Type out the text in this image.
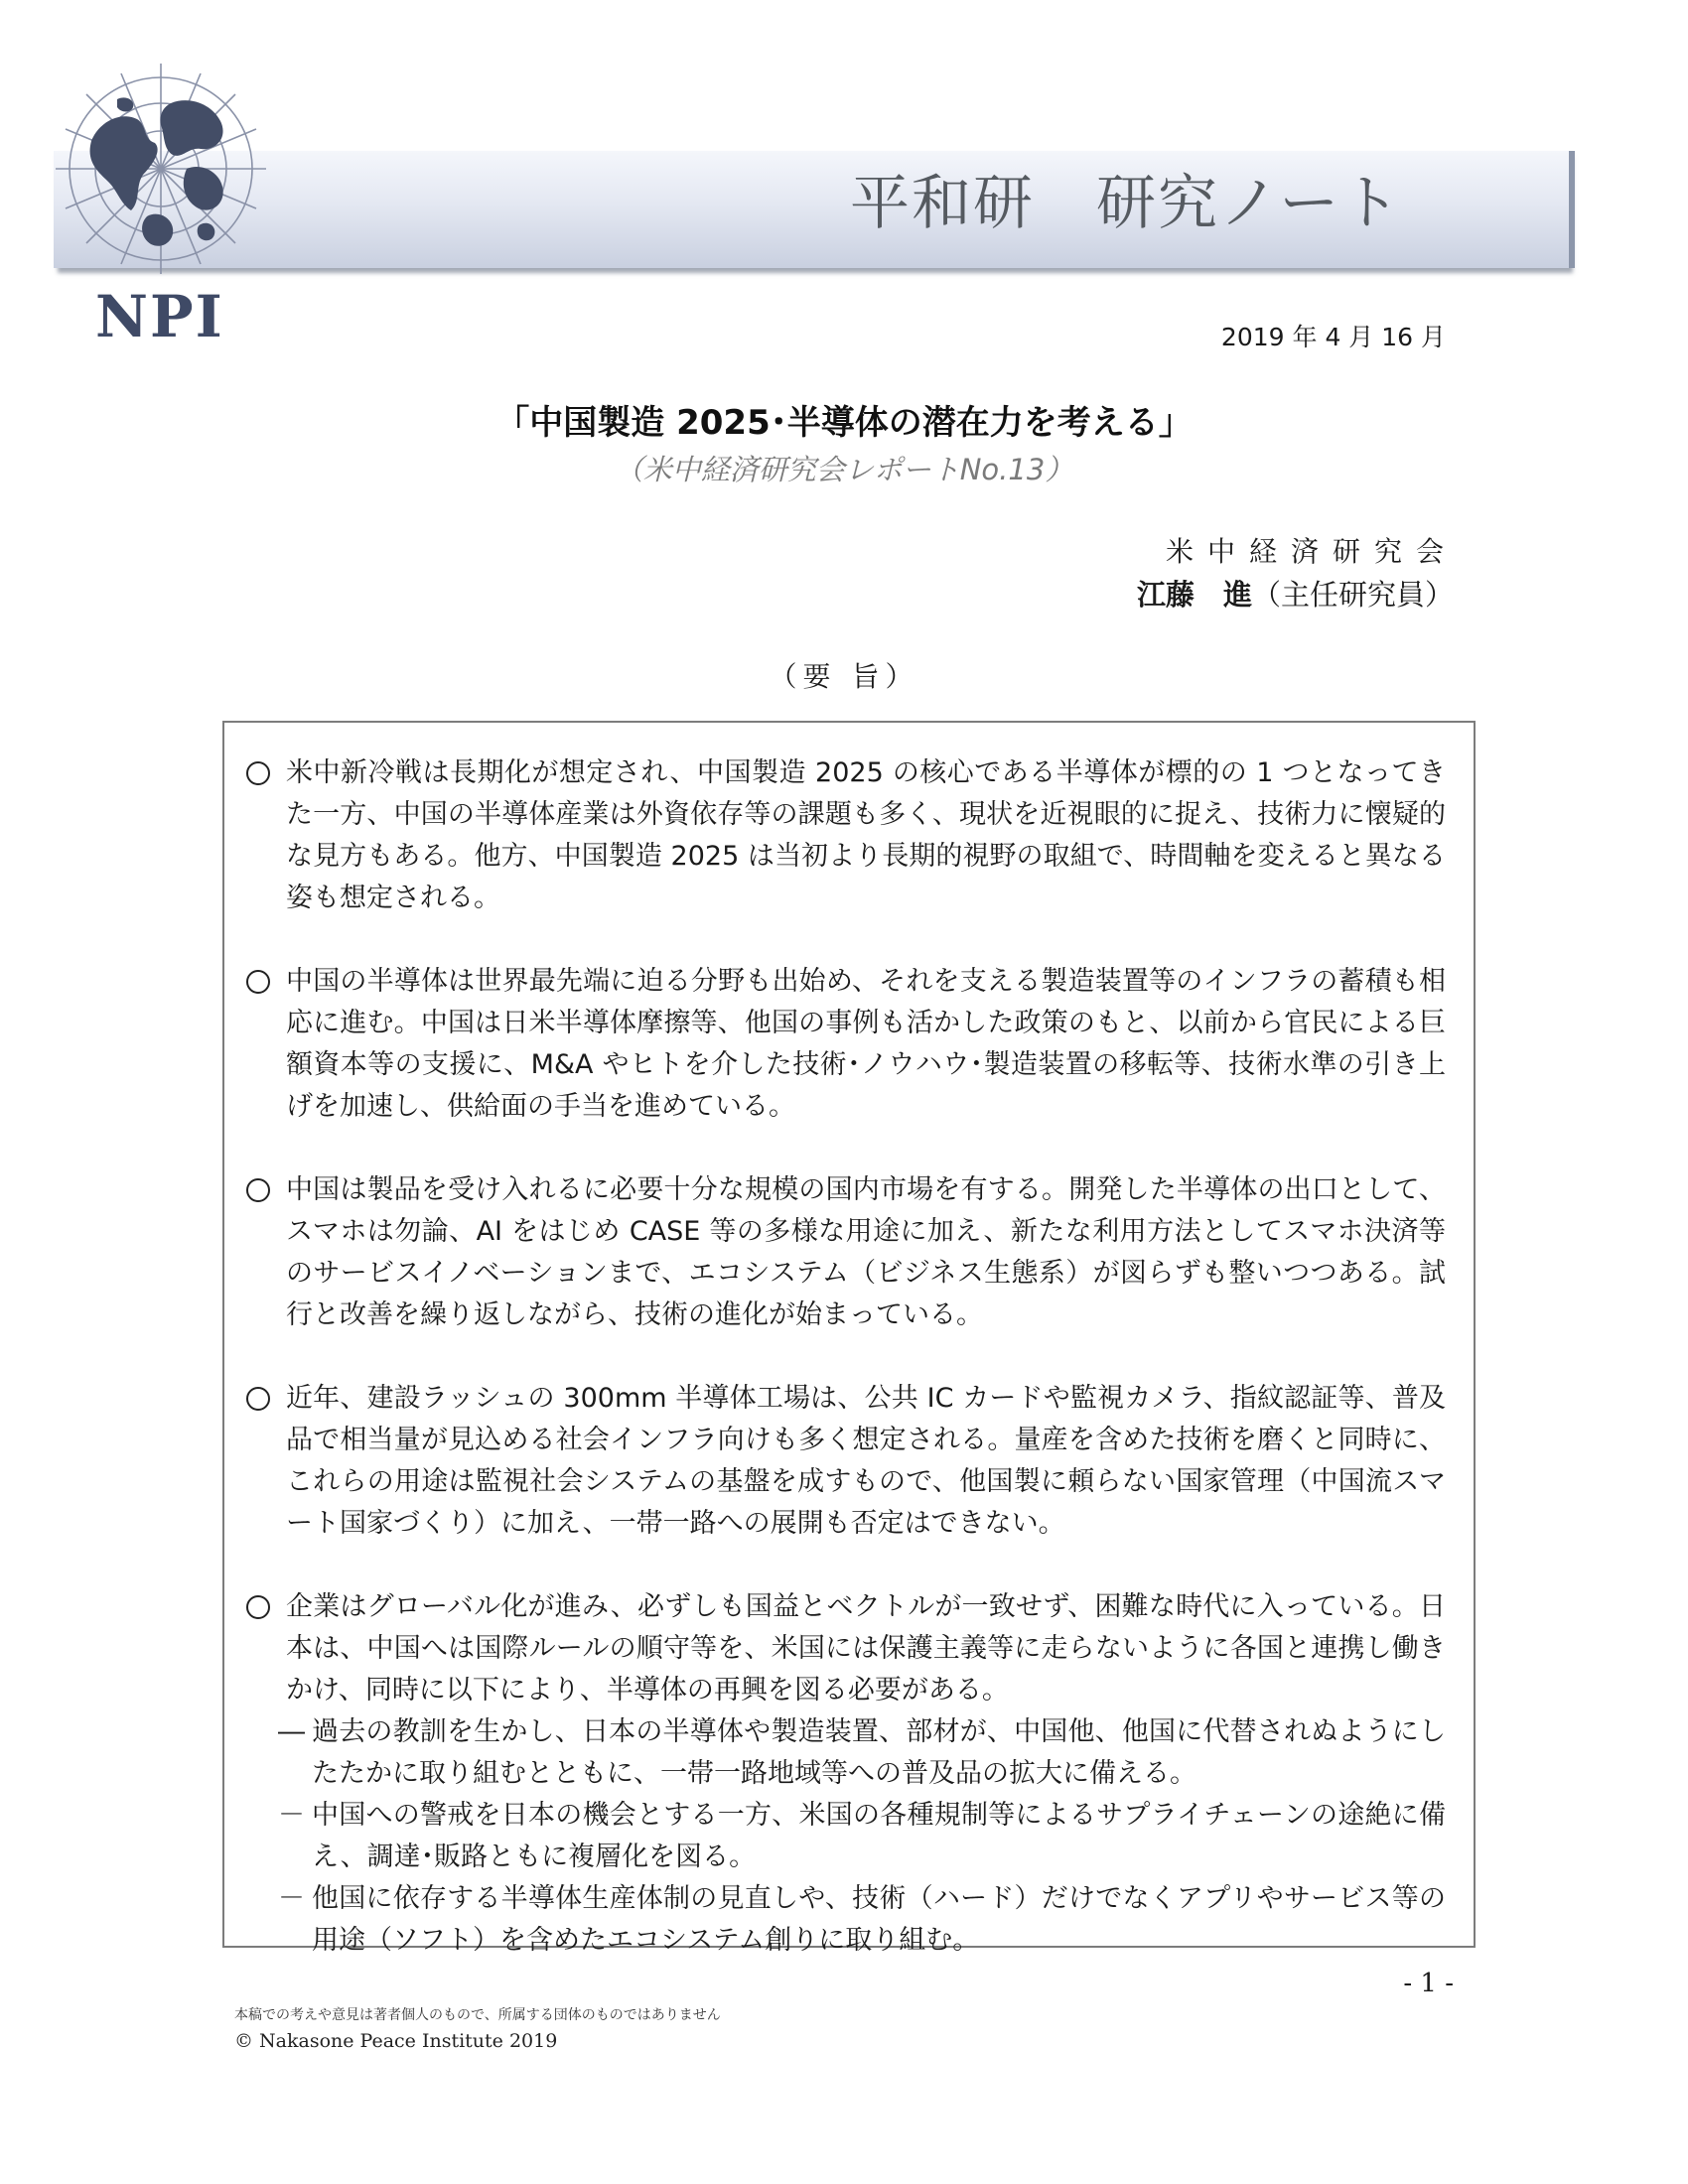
平和研　研究ノート
NPI	2019 年 4 月 16 月
「中国製造 2025･半導体の潜在力を考える」
（米中経済研究会レポートNo.13）
米中経済研究会
江藤　進（主任研究員）
（要 旨）
米中新冷戦は長期化が想定され、中国製造 2025 の核心である半導体が標的の 1 つとなってきた一方、中国の半導体産業は外資依存等の課題も多く、現状を近視眼的に捉え、技術力に懐疑的な見方もある。他方、中国製造 2025 は当初より長期的視野の取組で、時間軸を変えると異なる姿も想定される。
中国の半導体は世界最先端に迫る分野も出始め、それを支える製造装置等のインフラの蓄積も相応に進む。中国は日米半導体摩擦等、他国の事例も活かした政策のもと、以前から官民による巨額資本等の支援に、M&A やヒトを介した技術･ノウハウ･製造装置の移転等、技術水準の引き上げを加速し、供給面の手当を進めている。
中国は製品を受け入れるに必要十分な規模の国内市場を有する。開発した半導体の出口として、スマホは勿論、AI をはじめ CASE 等の多様な用途に加え、新たな利用方法としてスマホ決済等のサービスイノベーションまで、エコシステム（ビジネス生態系）が図らずも整いつつある。試行と改善を繰り返しながら、技術の進化が始まっている。
近年、建設ラッシュの 300mm 半導体工場は、公共 IC カードや監視カメラ、指紋認証等、普及品で相当量が見込める社会インフラ向けも多く想定される。量産を含めた技術を磨くと同時に、これらの用途は監視社会システムの基盤を成すもので、他国製に頼らない国家管理（中国流スマート国家づくり）に加え、一帯一路への展開も否定はできない。
企業はグローバル化が進み、必ずしも国益とベクトルが一致せず、困難な時代に入っている。日本は、中国へは国際ルールの順守等を、米国には保護主義等に走らないように各国と連携し働きかけ、同時に以下により、半導体の再興を図る必要がある。
― 過去の教訓を生かし、日本の半導体や製造装置、部材が、中国他、他国に代替されぬようにしたたかに取り組むとともに、一帯一路地域等への普及品の拡大に備える。
－ 中国への警戒を日本の機会とする一方、米国の各種規制等によるサプライチェーンの途絶に備え、調達･販路ともに複層化を図る。
－ 他国に依存する半導体生産体制の見直しや、技術（ハード）だけでなくアプリやサービス等の用途（ソフト）を含めたエコシステム創りに取り組む。
- 1 -
本稿での考えや意見は著者個人のもので、所属する団体のものではありません
© Nakasone Peace Institute 2019
